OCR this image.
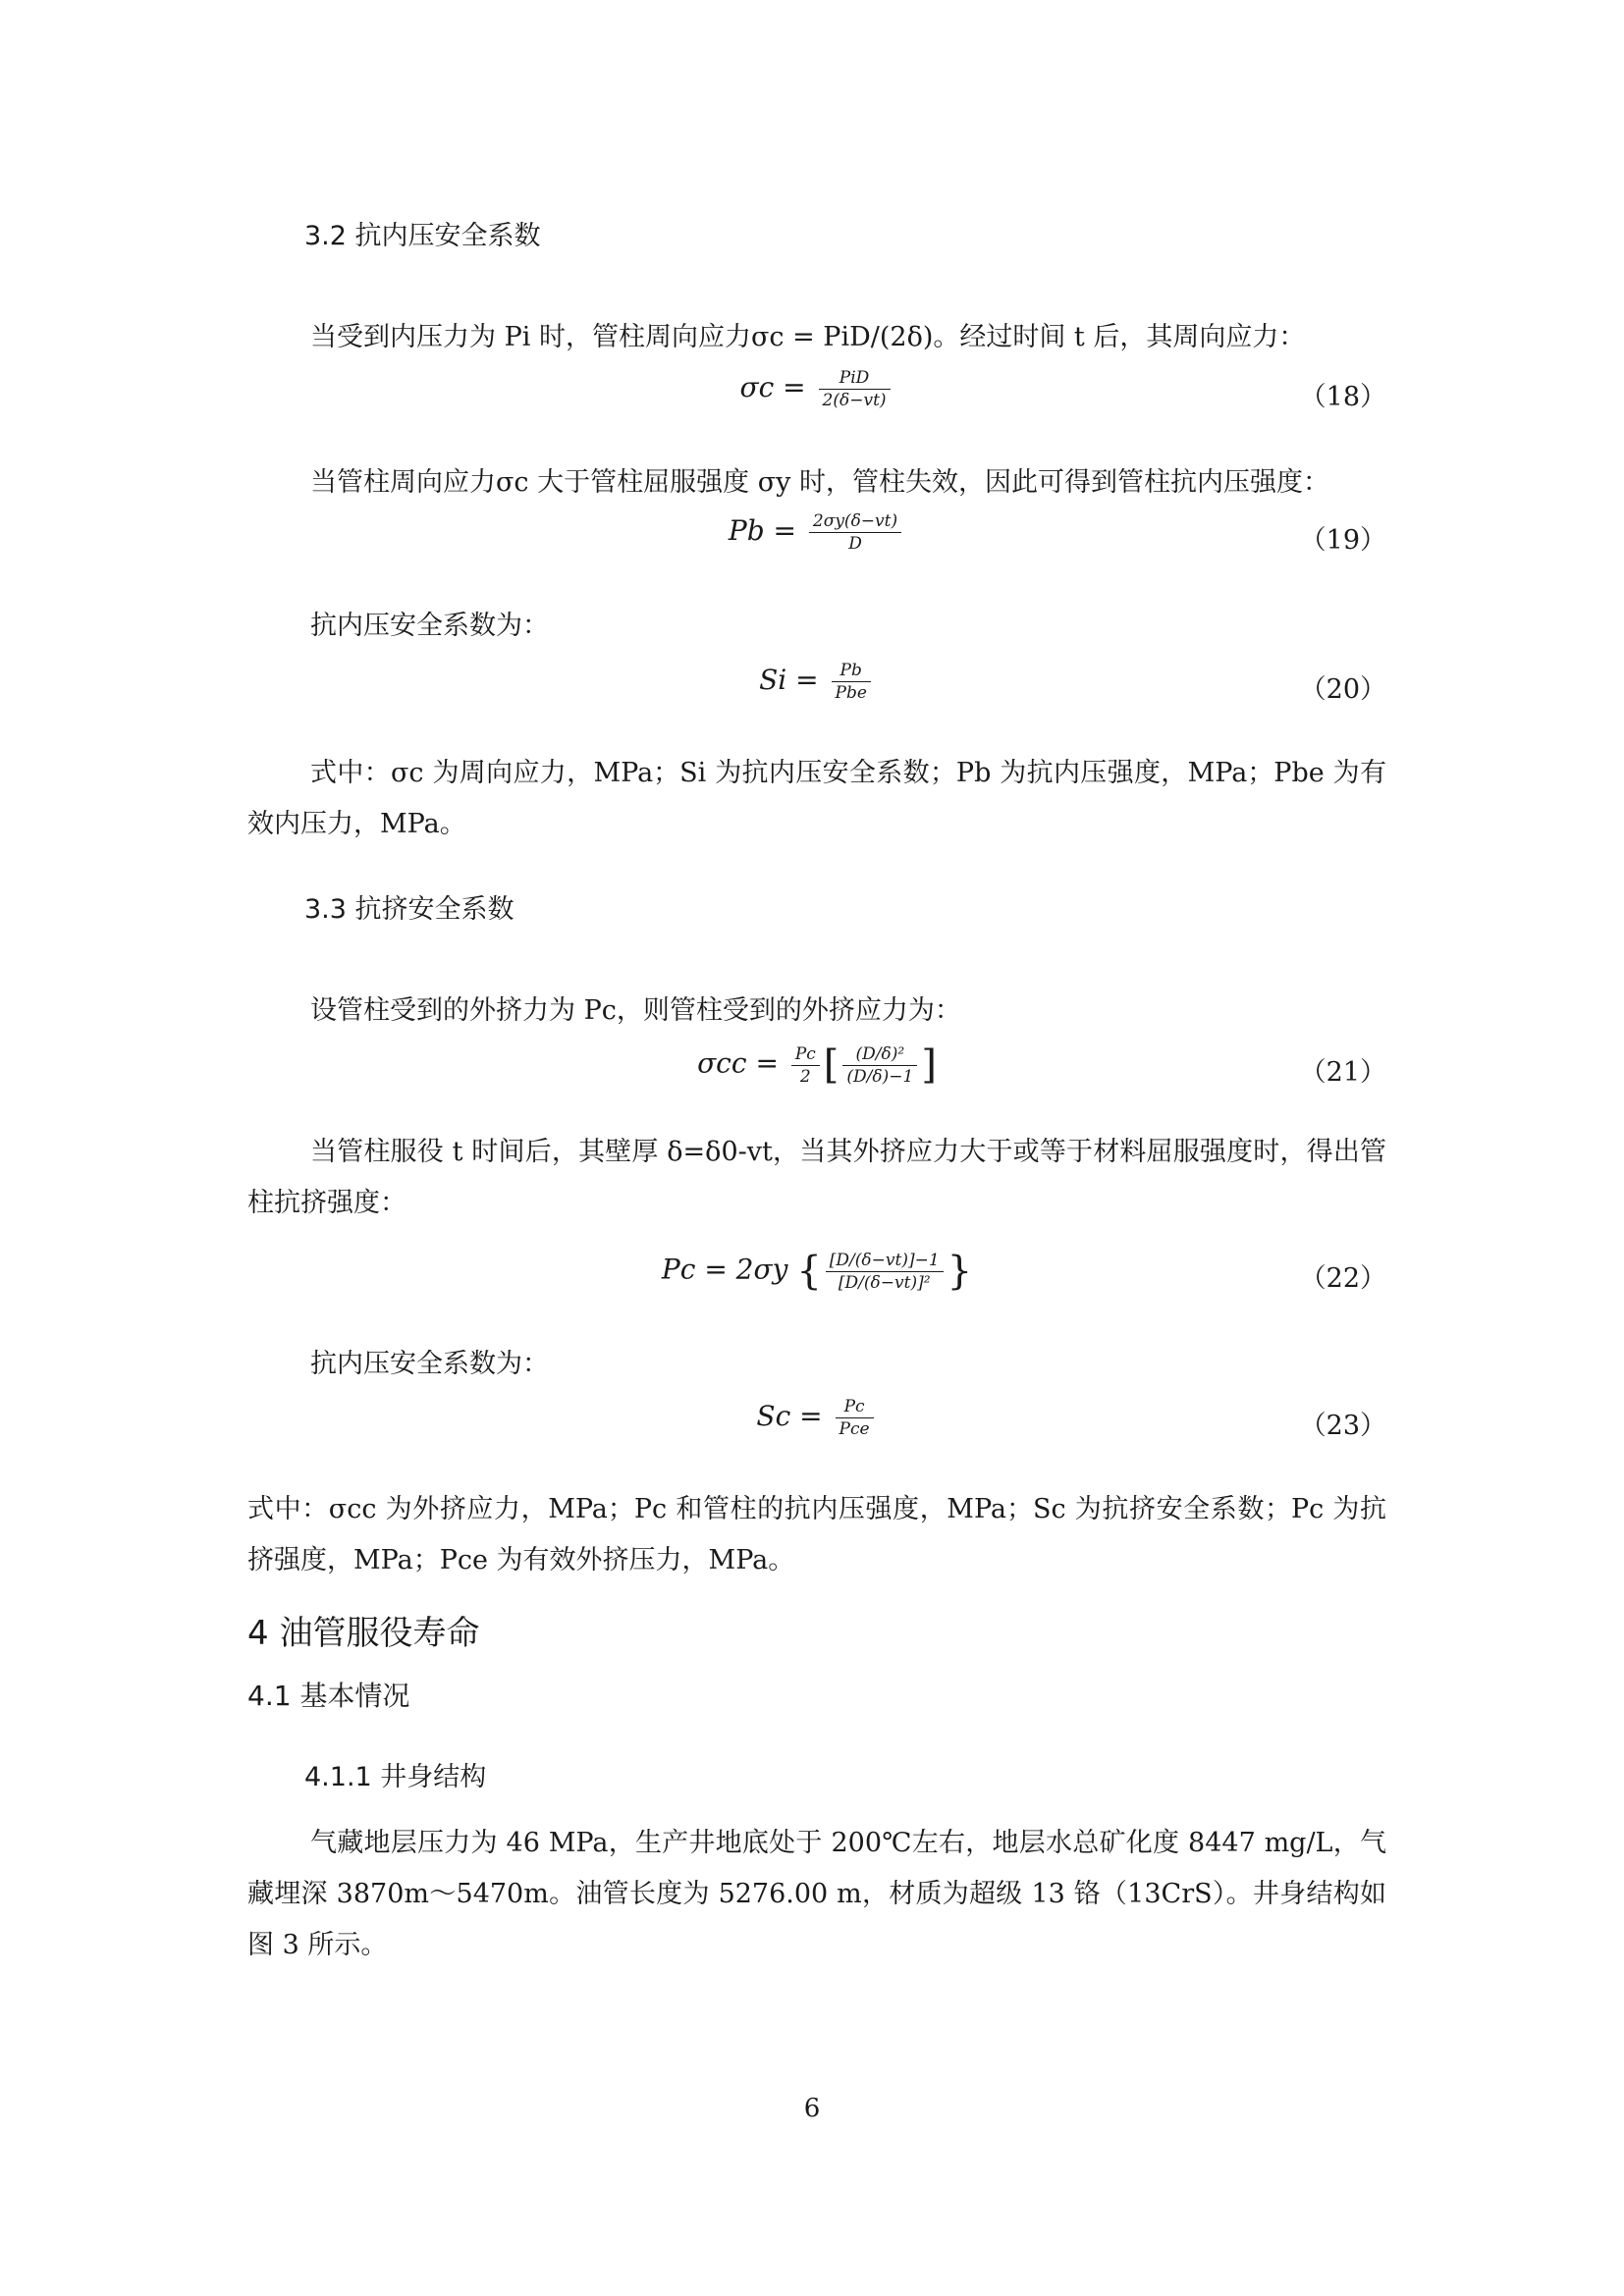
3.2 抗内压安全系数

当受到内压力为 Pi 时，管柱周向应力σc = PiD/(2δ)。经过时间 t 后，其周向应力：

$\sigma c = \frac{\text{PiD}}{2(\delta-vt)}$	（18）

当管柱周向应力σc 大于管柱屈服强度 σy 时，管柱失效，因此可得到管柱抗内压强度：

$Pb = \frac{2\sigma y(\delta-vt)}{D}$	（19）

抗内压安全系数为：

$Si = \frac{Pb}{\text{Pbe}}$	（20）

式中：σc 为周向应力，MPa；Si 为抗内压安全系数；Pb 为抗内压强度，MPa；Pbe 为有效内压力，MPa。

3.3 抗挤安全系数

设管柱受到的外挤力为 Pc，则管柱受到的外挤应力为：

$\sigma cc = \frac{Pc}{2}$ [ $\frac{\text{(D/δ)²}}{(D/\delta)-1}$ ]	（21）

当管柱服役 t 时间后，其壁厚 δ=δ0-vt，当其外挤应力大于或等于材料屈服强度时，得出管柱抗挤强度：

Pc = 2σy { $\frac{[D/(\delta-vt)]-1}{\text{[D/(δ−vt)]²}}$ }	（22）

抗内压安全系数为：

$Sc = \frac{Pc}{\text{Pce}}$	（23）

式中：σcc 为外挤应力，MPa；Pc 和管柱的抗内压强度，MPa；Sc 为抗挤安全系数；Pc 为抗挤强度，MPa；Pce 为有效外挤压力，MPa。

4 油管服役寿命

4.1 基本情况

4.1.1 井身结构

气藏地层压力为 46 MPa，生产井地底处于 200℃左右，地层水总矿化度 8447 mg/L，气藏埋深 3870m～5470m。油管长度为 5276.00 m，材质为超级 13 铬（13CrS）。井身结构如图 3 所示。

6
